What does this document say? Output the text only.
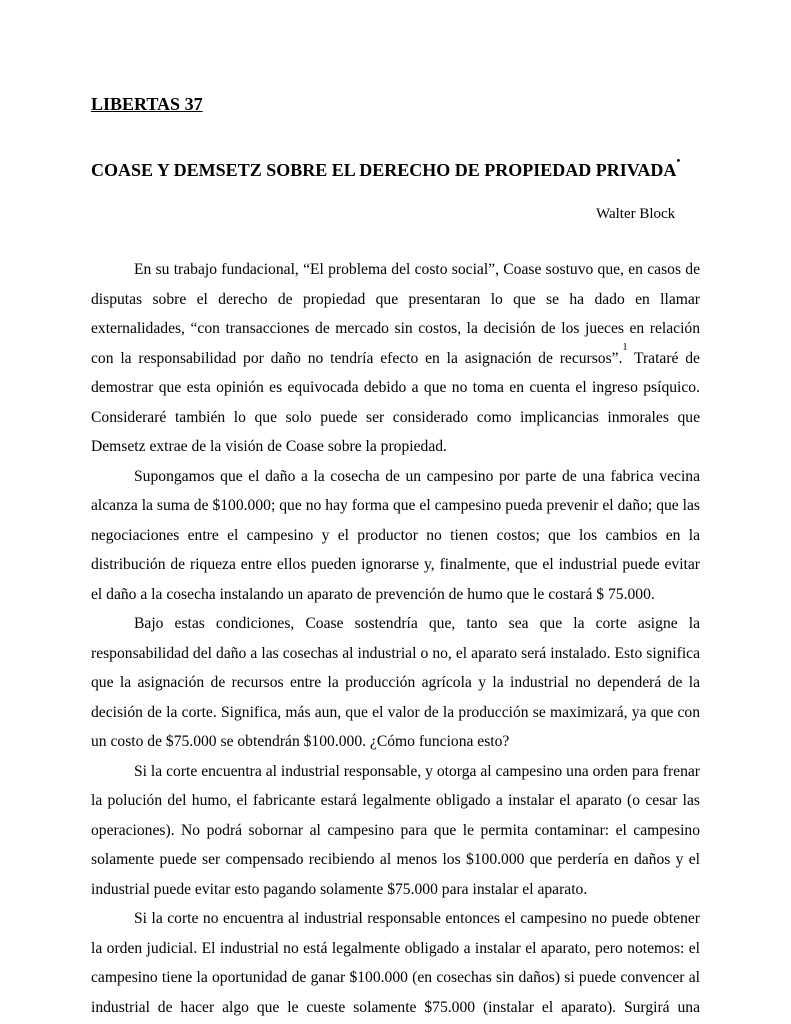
LIBERTAS 37
COASE Y DEMSETZ SOBRE EL DERECHO DE PROPIEDAD PRIVADA•
Walter Block

En su trabajo fundacional, “El problema del costo social”, Coase sostuvo que, en casos de disputas sobre el derecho de propiedad que presentaran lo que se ha dado en llamar externalidades, “con transacciones de mercado sin costos, la decisión de los jueces en relación con la responsabilidad por daño no tendría efecto en la asignación de recursos”.$^1$ Trataré de demostrar que esta opinión es equivocada debido a que no toma en cuenta el ingreso psíquico. Consideraré también lo que solo puede ser considerado como implicancias inmorales que Demsetz extrae de la visión de Coase sobre la propiedad.

Supongamos que el daño a la cosecha de un campesino por parte de una fabrica vecina alcanza la suma de $100.000; que no hay forma que el campesino pueda prevenir el daño; que las negociaciones entre el campesino y el productor no tienen costos; que los cambios en la distribución de riqueza entre ellos pueden ignorarse y, finalmente, que el industrial puede evitar el daño a la cosecha instalando un aparato de prevención de humo que le costará $ 75.000.

Bajo estas condiciones, Coase sostendría que, tanto sea que la corte asigne la responsabilidad del daño a las cosechas al industrial o no, el aparato será instalado. Esto significa que la asignación de recursos entre la producción agrícola y la industrial no dependerá de la decisión de la corte. Significa, más aun, que el valor de la producción se maximizará, ya que con un costo de $75.000 se obtendrán $100.000. ¿Cómo funciona esto?

Si la corte encuentra al industrial responsable, y otorga al campesino una orden para frenar la polución del humo, el fabricante estará legalmente obligado a instalar el aparato (o cesar las operaciones). No podrá sobornar al campesino para que le permita contaminar: el campesino solamente puede ser compensado recibiendo al menos los $100.000 que perdería en daños y el industrial puede evitar esto pagando solamente $75.000 para instalar el aparato.

Si la corte no encuentra al industrial responsable entonces el campesino no puede obtener la orden judicial. El industrial no está legalmente obligado a instalar el aparato, pero notemos: el campesino tiene la oportunidad de ganar $100.000 (en cosechas sin daños) si puede convencer al industrial de hacer algo que le cueste solamente $75.000 (instalar el aparato). Surgirá una
